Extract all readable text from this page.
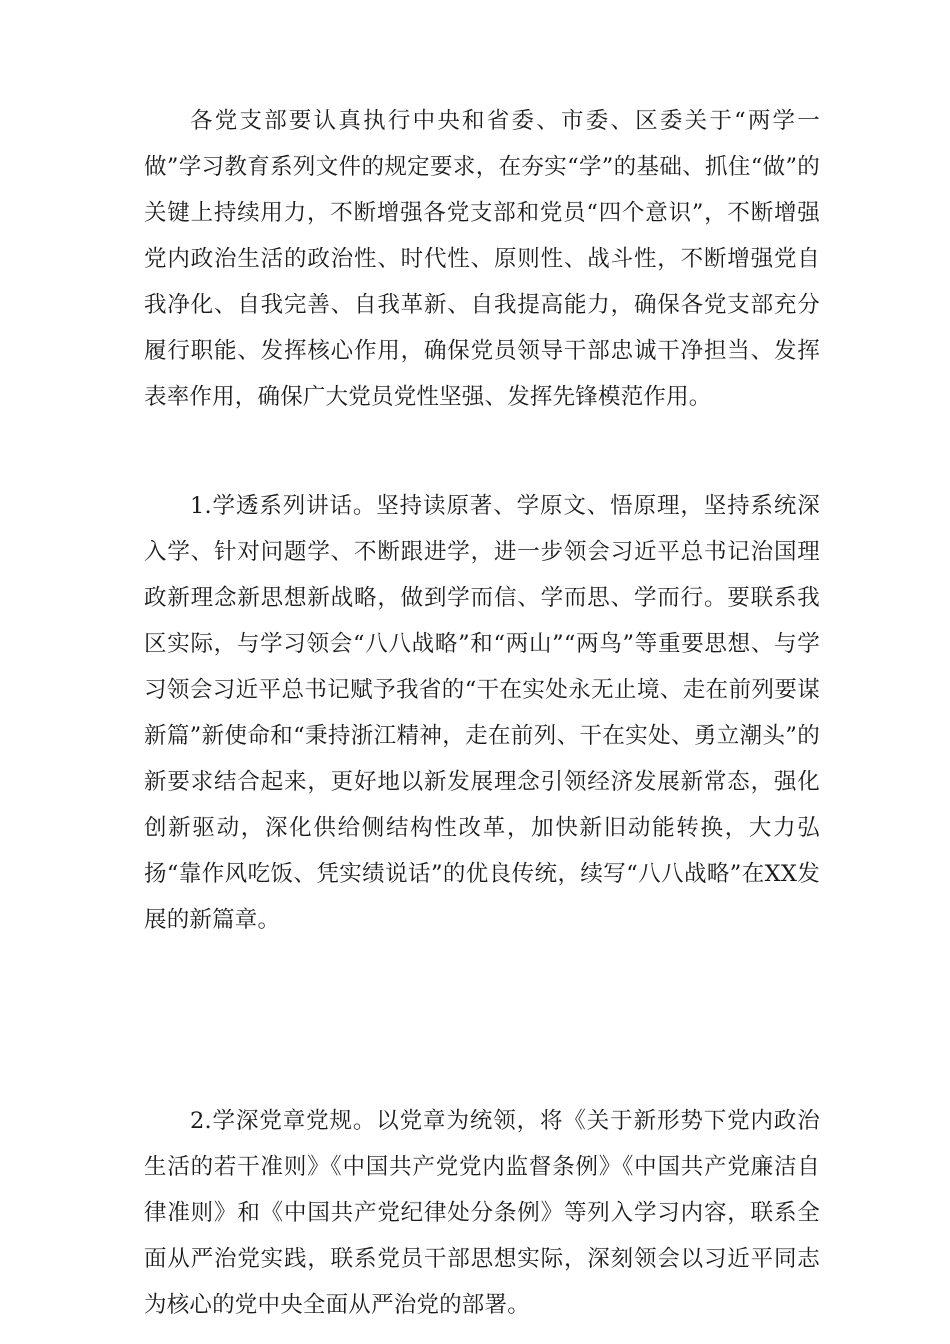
各党支部要认真执行中央和省委、市委、区委关于“两学一做”学习教育系列文件的规定要求，在夯实“学”的基础、抓住“做”的关键上持续用力，不断增强各党支部和党员“四个意识”，不断增强党内政治生活的政治性、时代性、原则性、战斗性，不断增强党自我净化、自我完善、自我革新、自我提高能力，确保各党支部充分履行职能、发挥核心作用，确保党员领导干部忠诚干净担当、发挥表率作用，确保广大党员党性坚强、发挥先锋模范作用。

1.学透系列讲话。坚持读原著、学原文、悟原理，坚持系统深入学、针对问题学、不断跟进学，进一步领会习近平总书记治国理政新理念新思想新战略，做到学而信、学而思、学而行。要联系我区实际，与学习领会“八八战略”和“两山”“两鸟”等重要思想、与学习领会习近平总书记赋予我省的“干在实处永无止境、走在前列要谋新篇”新使命和“秉持浙江精神，走在前列、干在实处、勇立潮头”的新要求结合起来，更好地以新发展理念引领经济发展新常态，强化创新驱动，深化供给侧结构性改革，加快新旧动能转换，大力弘扬“靠作风吃饭、凭实绩说话”的优良传统，续写“八八战略”在XX发展的新篇章。

2.学深党章党规。以党章为统领，将《关于新形势下党内政治生活的若干准则》《中国共产党党内监督条例》《中国共产党廉洁自律准则》和《中国共产党纪律处分条例》等列入学习内容，联系全面从严治党实践，联系党员干部思想实际，深刻领会以习近平同志为核心的党中央全面从严治党的部署。
